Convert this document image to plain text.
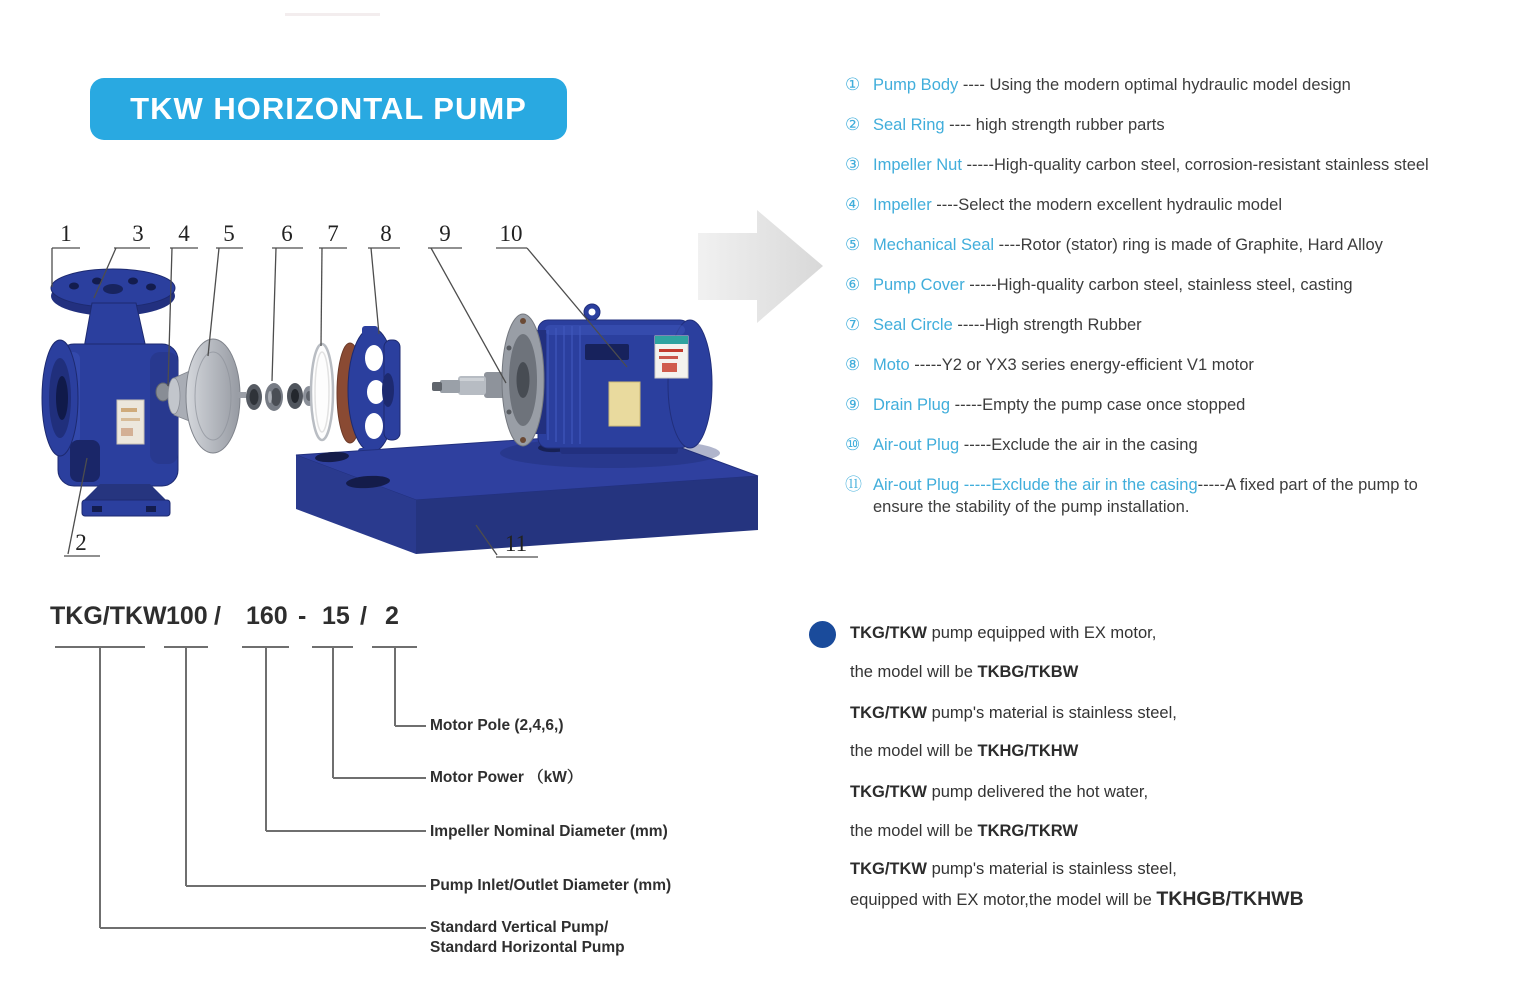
TKW HORIZONTAL PUMP
1
2
3 4 5 6 7 8 9 10
11
① Pump Body ---- Using the modern optimal hydraulic model design
② Seal Ring ---- high strength rubber parts
③ Impeller Nut -----High-quality carbon steel, corrosion-resistant stainless steel
④ Impeller ----Select the modern excellent hydraulic model
⑤ Mechanical Seal ----Rotor (stator) ring is made of Graphite, Hard Alloy
⑥ Pump Cover -----High-quality carbon steel, stainless steel, casting
⑦ Seal Circle -----High strength Rubber
⑧ Moto -----Y2 or YX3 series energy-efficient V1 motor
⑨ Drain Plug -----Empty the pump case once stopped
⑩ Air-out Plug -----Exclude the air in the casing
⑪ Air-out Plug -----Exclude the air in the casing-----A fixed part of the pump to
ensure the stability of the pump installation.
TKG/TKW 100 / 160 - 15 / 2
Motor Pole (2,4,6,)
Motor Power （kW）
Impeller Nominal Diameter (mm)
Pump Inlet/Outlet Diameter (mm)
Standard Vertical Pump/
Standard Horizontal Pump
TKG/TKW pump equipped with EX motor,
the model will be TKBG/TKBW
TKG/TKW pump's material is stainless steel,
the model will be TKHG/TKHW
TKG/TKW pump delivered the hot water,
the model will be TKRG/TKRW
TKG/TKW pump's material is stainless steel,
equipped with EX motor,the model will be TKHGB/TKHWB
